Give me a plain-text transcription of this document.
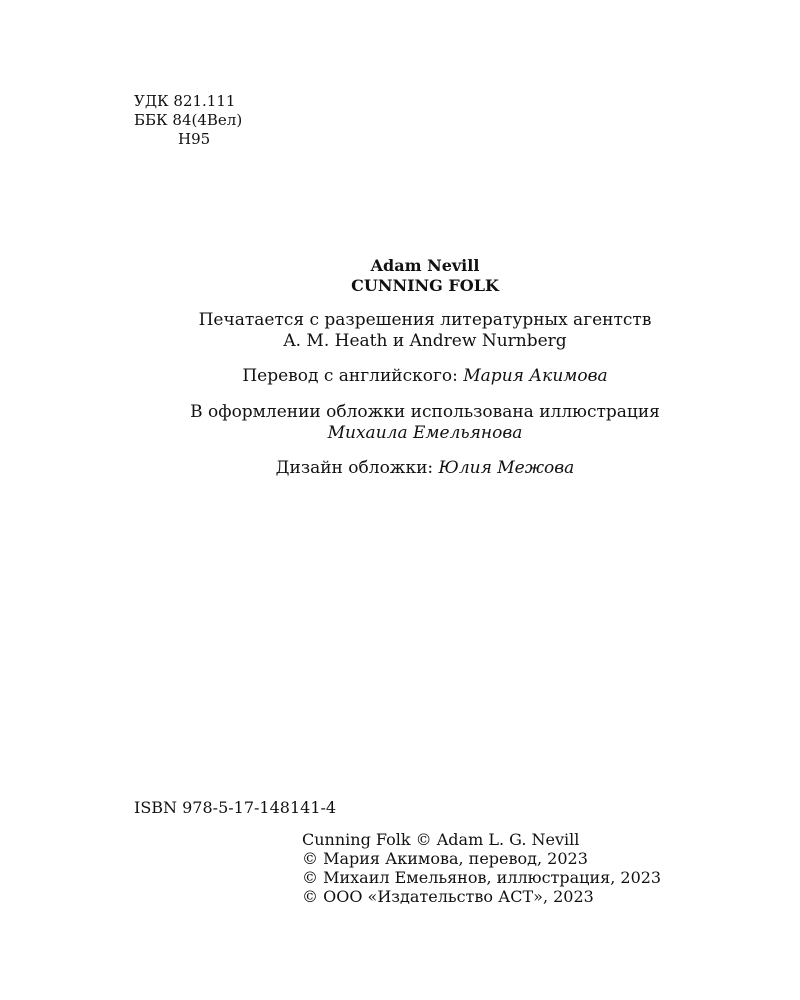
УДК 821.111
ББК 84(4Вел)
Н95
Adam Nevill
CUNNING FOLK
Печатается с разрешения литературных агентств
A. M. Heath и Andrew Nurnberg
Перевод с английского: Мария Акимова
В оформлении обложки использована иллюстрация
Михаила Емельянова
Дизайн обложки: Юлия Межова
ISBN 978-5-17-148141-4
Cunning Folk © Adam L. G. Nevill
© Мария Акимова, перевод, 2023
© Михаил Емельянов, иллюстрация, 2023
© ООО «Издательство АСТ», 2023
